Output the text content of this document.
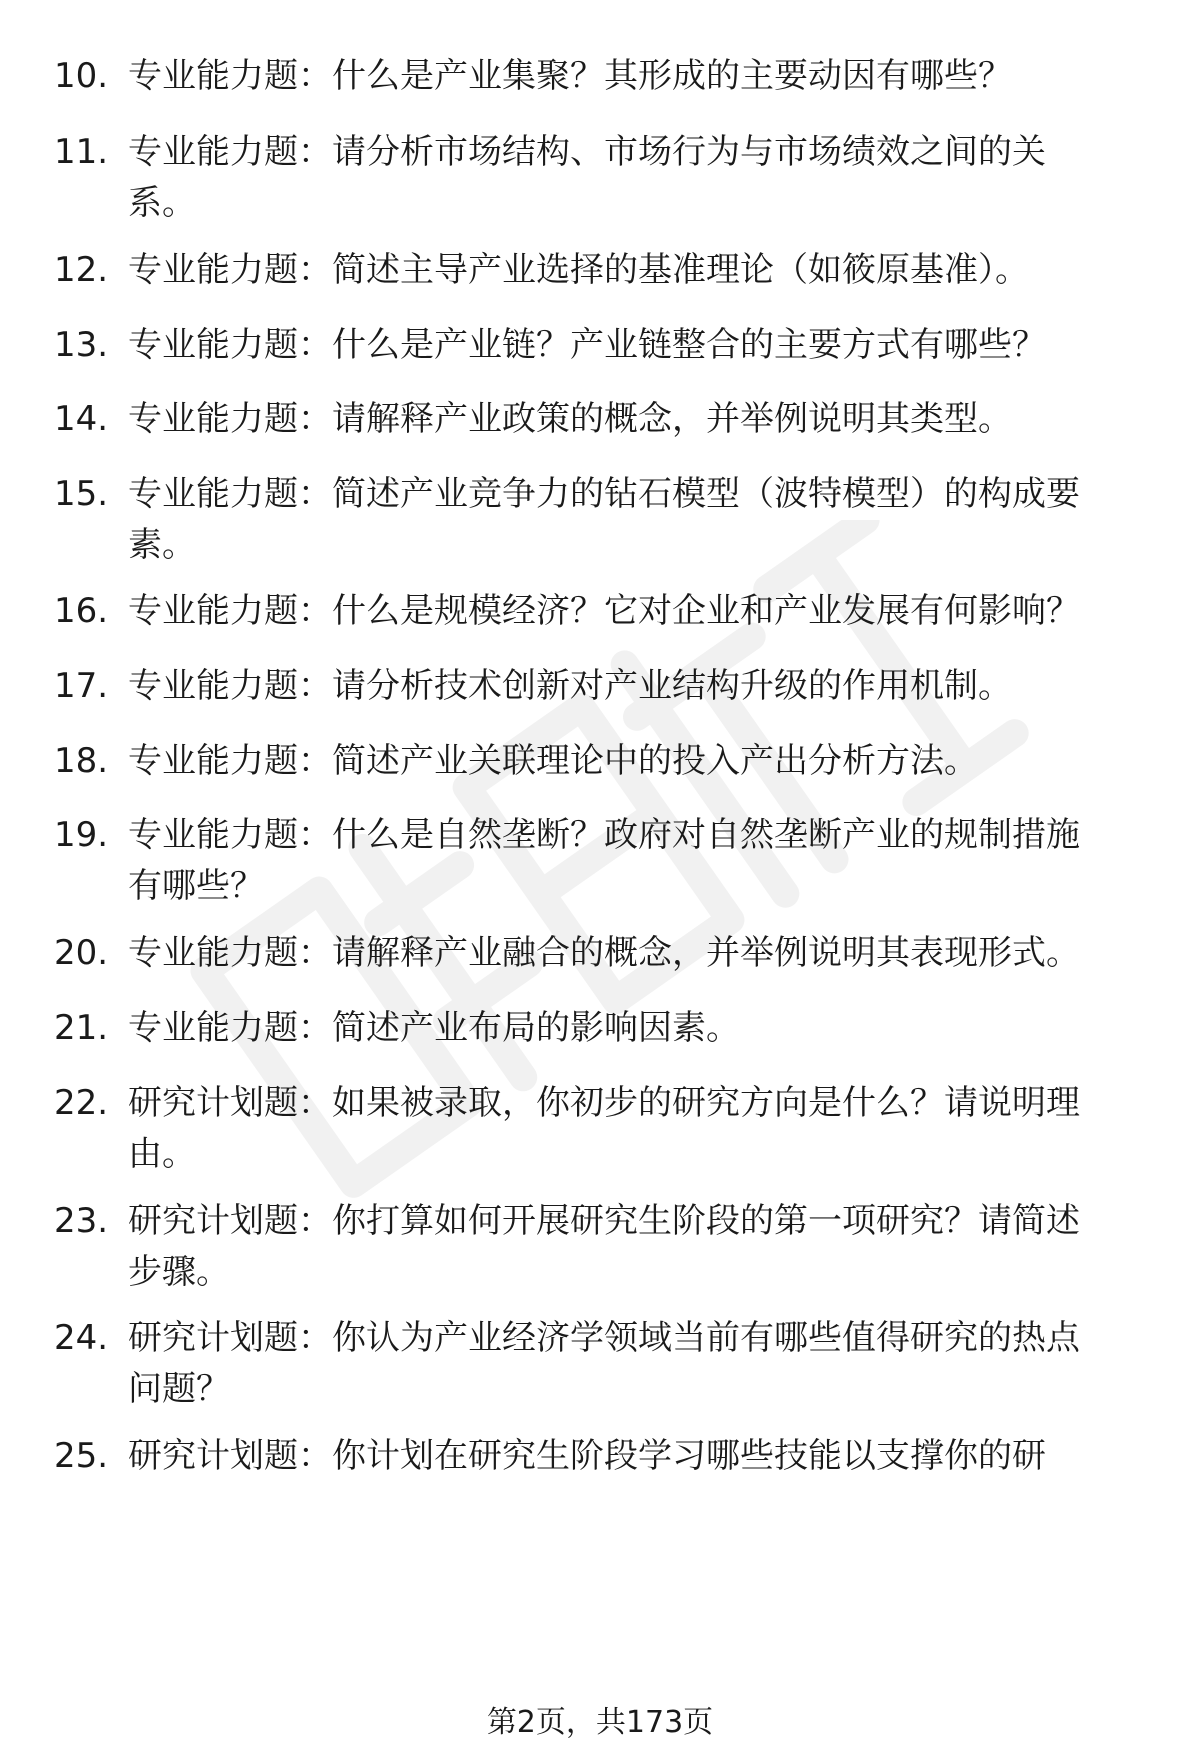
10. 专业能力题：什么是产业集聚？其形成的主要动因有哪些？
11. 专业能力题：请分析市场结构、市场行为与市场绩效之间的关
系。
12. 专业能力题：简述主导产业选择的基准理论（如筱原基准）。
13. 专业能力题：什么是产业链？产业链整合的主要方式有哪些？
14. 专业能力题：请解释产业政策的概念，并举例说明其类型。
15. 专业能力题：简述产业竞争力的钻石模型（波特模型）的构成要
素。
16. 专业能力题：什么是规模经济？它对企业和产业发展有何影响？
17. 专业能力题：请分析技术创新对产业结构升级的作用机制。
18. 专业能力题：简述产业关联理论中的投入产出分析方法。
19. 专业能力题：什么是自然垄断？政府对自然垄断产业的规制措施
有哪些？
20. 专业能力题：请解释产业融合的概念，并举例说明其表现形式。
21. 专业能力题：简述产业布局的影响因素。
22. 研究计划题：如果被录取，你初步的研究方向是什么？请说明理
由。
23. 研究计划题：你打算如何开展研究生阶段的第一项研究？请简述
步骤。
24. 研究计划题：你认为产业经济学领域当前有哪些值得研究的热点
问题？
25. 研究计划题：你计划在研究生阶段学习哪些技能以支撑你的研
第2页，共173页
